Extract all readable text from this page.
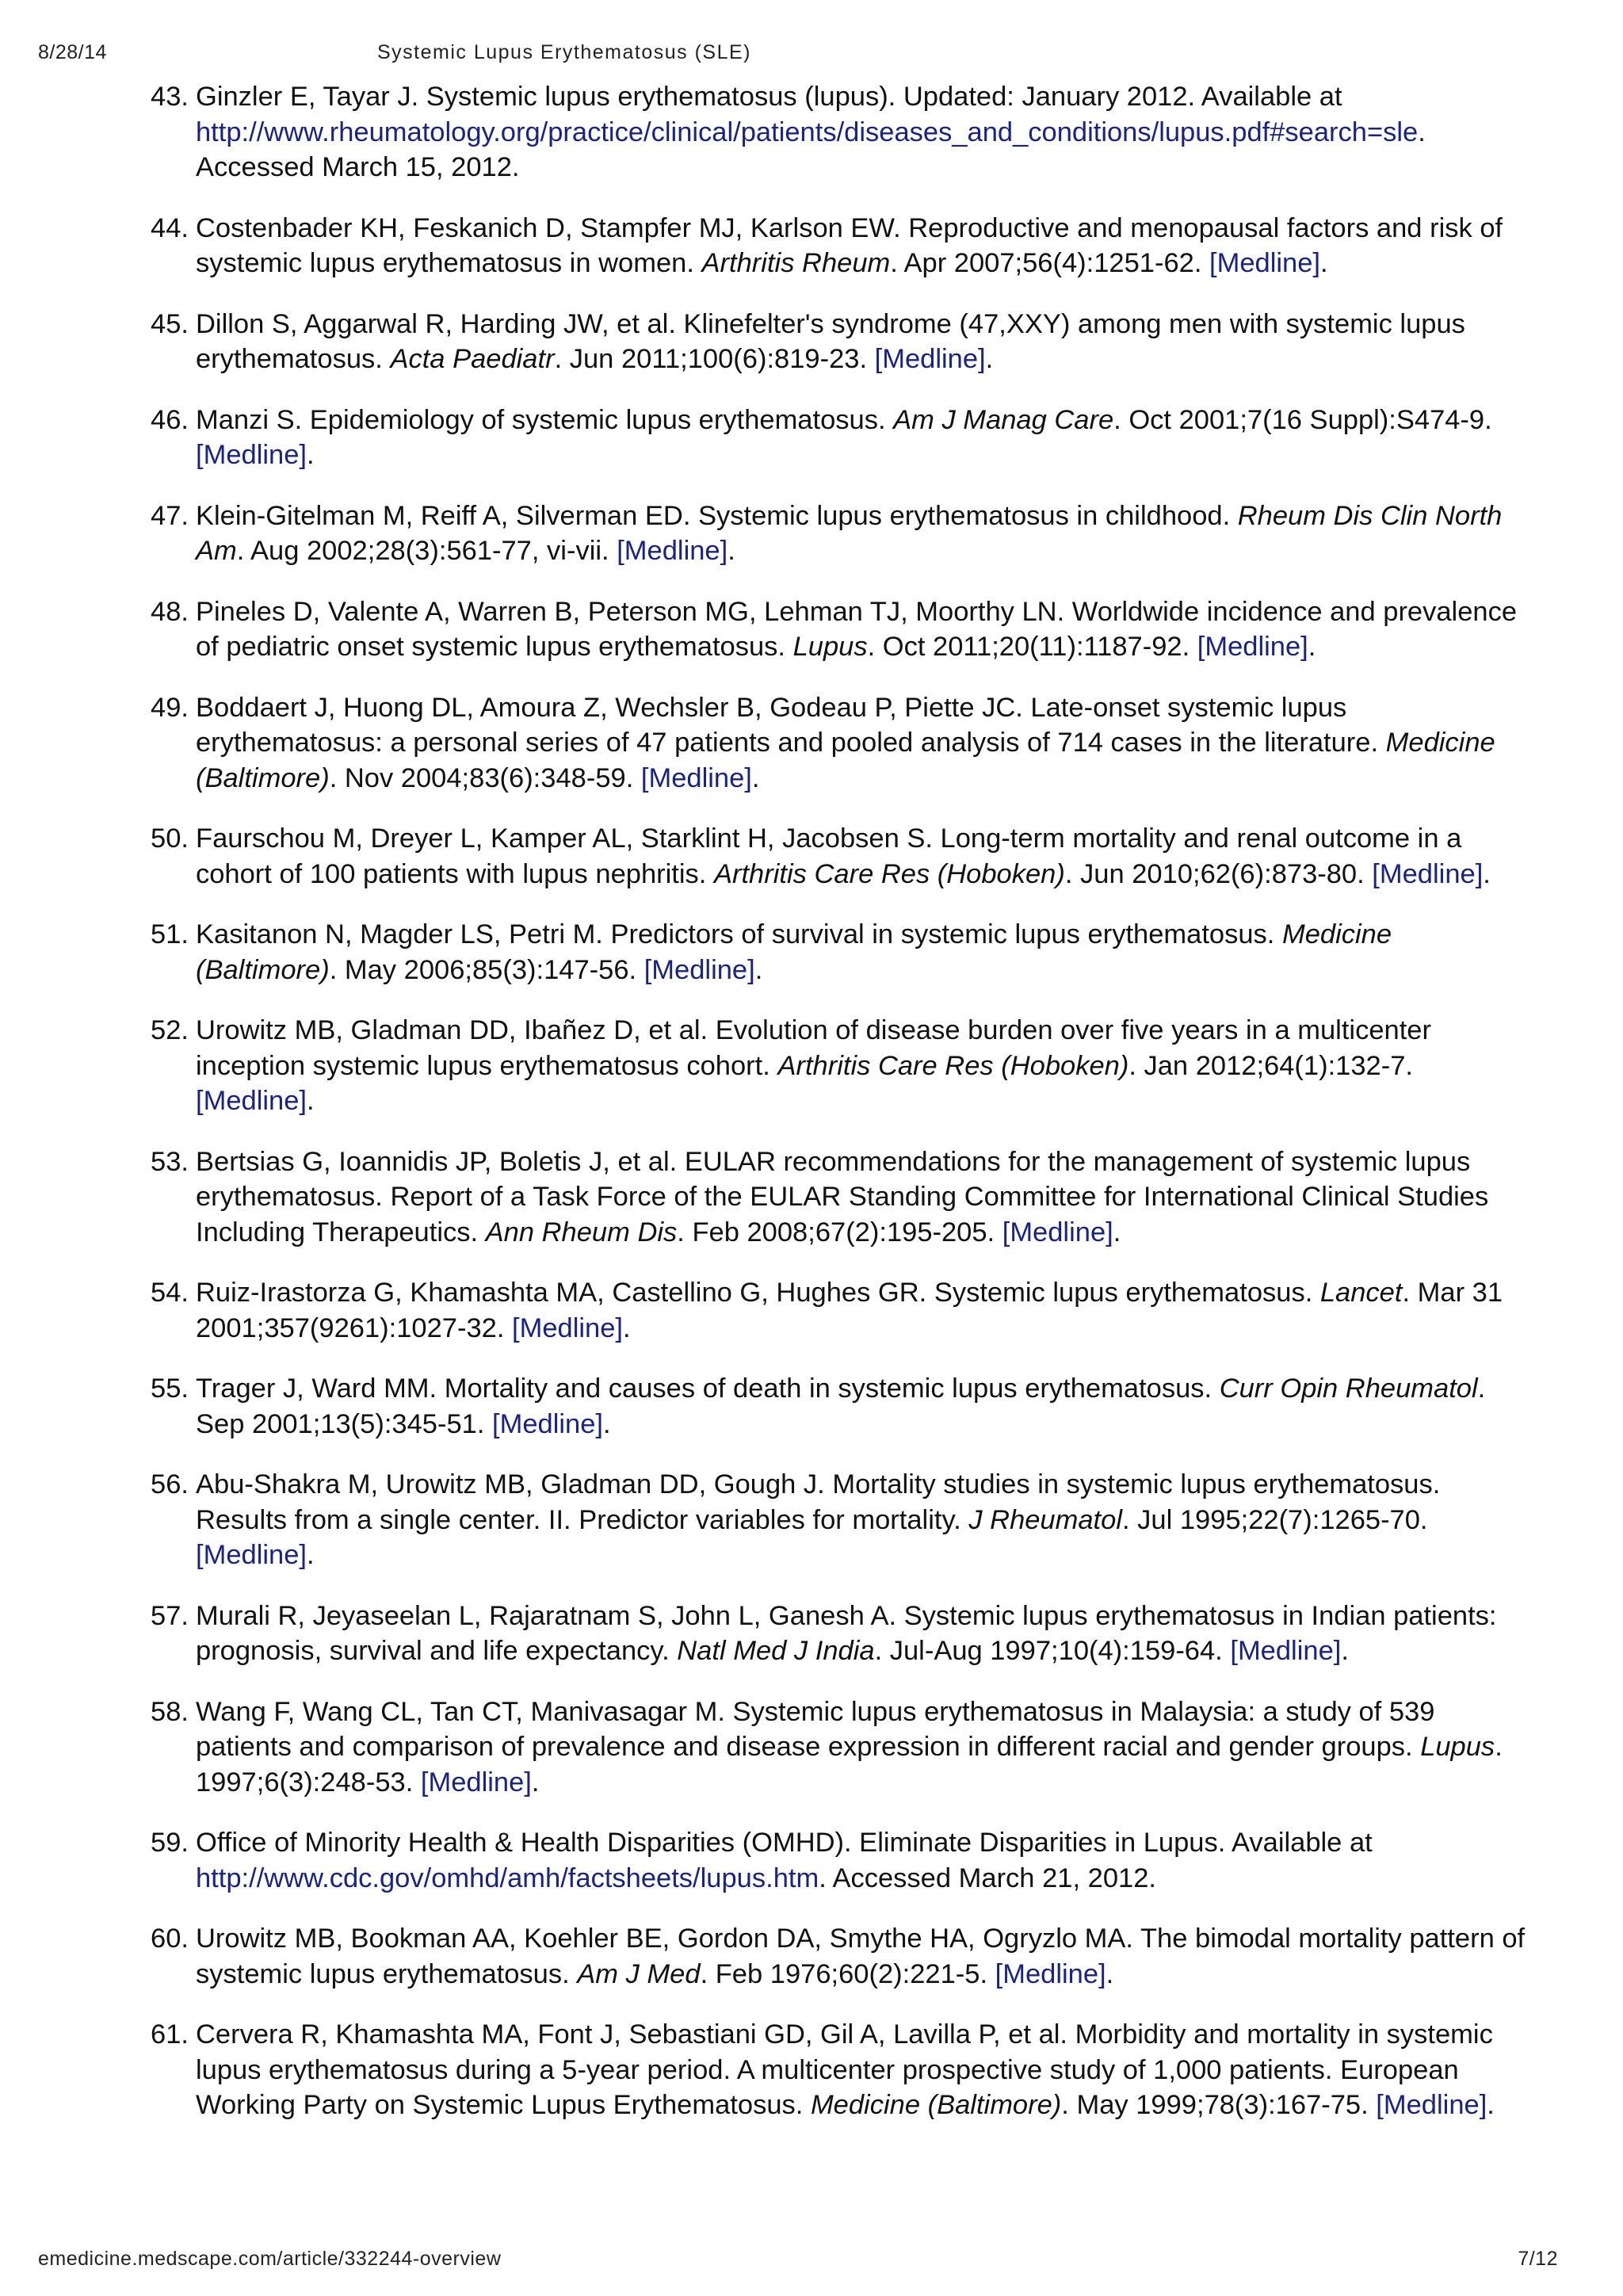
8/28/14	Systemic Lupus Erythematosus (SLE)
43. Ginzler E, Tayar J. Systemic lupus erythematosus (lupus). Updated: January 2012. Available at http://www.rheumatology.org/practice/clinical/patients/diseases_and_conditions/lupus.pdf#search=sle. Accessed March 15, 2012.
44. Costenbader KH, Feskanich D, Stampfer MJ, Karlson EW. Reproductive and menopausal factors and risk of systemic lupus erythematosus in women. Arthritis Rheum. Apr 2007;56(4):1251-62. [Medline].
45. Dillon S, Aggarwal R, Harding JW, et al. Klinefelter's syndrome (47,XXY) among men with systemic lupus erythematosus. Acta Paediatr. Jun 2011;100(6):819-23. [Medline].
46. Manzi S. Epidemiology of systemic lupus erythematosus. Am J Manag Care. Oct 2001;7(16 Suppl):S474-9. [Medline].
47. Klein-Gitelman M, Reiff A, Silverman ED. Systemic lupus erythematosus in childhood. Rheum Dis Clin North Am. Aug 2002;28(3):561-77, vi-vii. [Medline].
48. Pineles D, Valente A, Warren B, Peterson MG, Lehman TJ, Moorthy LN. Worldwide incidence and prevalence of pediatric onset systemic lupus erythematosus. Lupus. Oct 2011;20(11):1187-92. [Medline].
49. Boddaert J, Huong DL, Amoura Z, Wechsler B, Godeau P, Piette JC. Late-onset systemic lupus erythematosus: a personal series of 47 patients and pooled analysis of 714 cases in the literature. Medicine (Baltimore). Nov 2004;83(6):348-59. [Medline].
50. Faurschou M, Dreyer L, Kamper AL, Starklint H, Jacobsen S. Long-term mortality and renal outcome in a cohort of 100 patients with lupus nephritis. Arthritis Care Res (Hoboken). Jun 2010;62(6):873-80. [Medline].
51. Kasitanon N, Magder LS, Petri M. Predictors of survival in systemic lupus erythematosus. Medicine (Baltimore). May 2006;85(3):147-56. [Medline].
52. Urowitz MB, Gladman DD, Ibañez D, et al. Evolution of disease burden over five years in a multicenter inception systemic lupus erythematosus cohort. Arthritis Care Res (Hoboken). Jan 2012;64(1):132-7. [Medline].
53. Bertsias G, Ioannidis JP, Boletis J, et al. EULAR recommendations for the management of systemic lupus erythematosus. Report of a Task Force of the EULAR Standing Committee for International Clinical Studies Including Therapeutics. Ann Rheum Dis. Feb 2008;67(2):195-205. [Medline].
54. Ruiz-Irastorza G, Khamashta MA, Castellino G, Hughes GR. Systemic lupus erythematosus. Lancet. Mar 31 2001;357(9261):1027-32. [Medline].
55. Trager J, Ward MM. Mortality and causes of death in systemic lupus erythematosus. Curr Opin Rheumatol. Sep 2001;13(5):345-51. [Medline].
56. Abu-Shakra M, Urowitz MB, Gladman DD, Gough J. Mortality studies in systemic lupus erythematosus. Results from a single center. II. Predictor variables for mortality. J Rheumatol. Jul 1995;22(7):1265-70. [Medline].
57. Murali R, Jeyaseelan L, Rajaratnam S, John L, Ganesh A. Systemic lupus erythematosus in Indian patients: prognosis, survival and life expectancy. Natl Med J India. Jul-Aug 1997;10(4):159-64. [Medline].
58. Wang F, Wang CL, Tan CT, Manivasagar M. Systemic lupus erythematosus in Malaysia: a study of 539 patients and comparison of prevalence and disease expression in different racial and gender groups. Lupus. 1997;6(3):248-53. [Medline].
59. Office of Minority Health & Health Disparities (OMHD). Eliminate Disparities in Lupus. Available at http://www.cdc.gov/omhd/amh/factsheets/lupus.htm. Accessed March 21, 2012.
60. Urowitz MB, Bookman AA, Koehler BE, Gordon DA, Smythe HA, Ogryzlo MA. The bimodal mortality pattern of systemic lupus erythematosus. Am J Med. Feb 1976;60(2):221-5. [Medline].
61. Cervera R, Khamashta MA, Font J, Sebastiani GD, Gil A, Lavilla P, et al. Morbidity and mortality in systemic lupus erythematosus during a 5-year period. A multicenter prospective study of 1,000 patients. European Working Party on Systemic Lupus Erythematosus. Medicine (Baltimore). May 1999;78(3):167-75. [Medline].
emedicine.medscape.com/article/332244-overview	7/12
